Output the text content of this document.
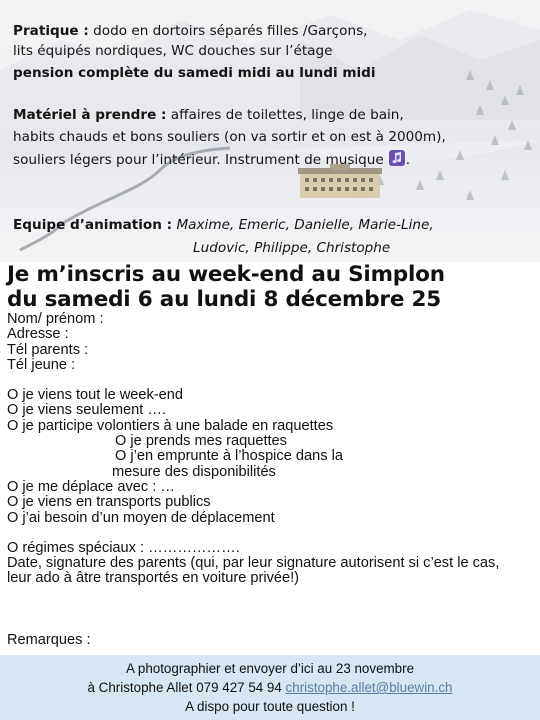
Pratique : dodo en dortoirs séparés filles /Garçons,
lits équipés nordiques, WC douches sur l’étage
pension complète du samedi midi au lundi midi
Matériel à prendre : affaires de toilettes, linge de bain,
habits chauds et bons souliers (on va sortir et on est à 2000m),
souliers légers pour l’intérieur. Instrument de musique .
Equipe d’animation : Maxime, Emeric, Danielle, Marie-Line,
Ludovic, Philippe, Christophe
Je m’inscris au week-end au Simplon
du samedi 6 au lundi 8 décembre 25
Nom/ prénom :
Adresse :
Tél parents :
Tél jeune :
O je viens tout le week-end
O je viens seulement ….
O je participe volontiers à une balade en raquettes
O je prends mes raquettes
O j’en emprunte à l’hospice dans la
mesure des disponibilités
O je me déplace avec : …
O je viens en transports publics
O j’ai besoin d’un moyen de déplacement
O régimes spéciaux : ……………….
Date, signature des parents (qui, par leur signature autorisent si c’est le cas, leur ado à âtre transportés en voiture privée!)
Remarques :
A photographier et envoyer d’ici au 23 novembre
à Christophe Allet 079 427 54 94 christophe.allet@bluewin.ch
A dispo pour toute question !
